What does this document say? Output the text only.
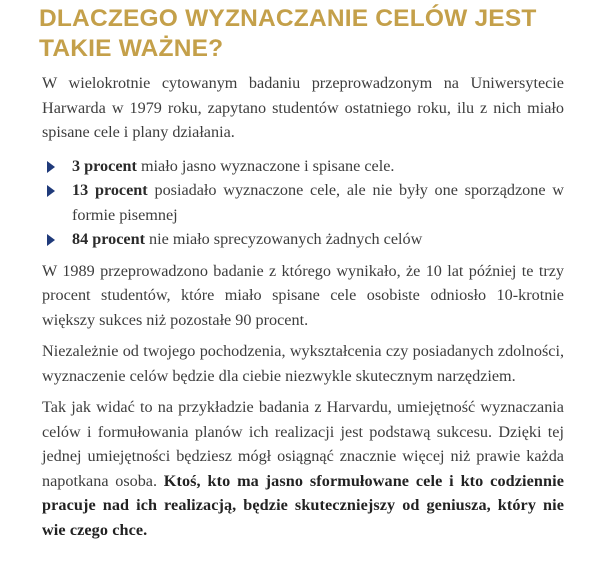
DLACZEGO WYZNACZANIE CELÓW JEST TAKIE WAŻNE?

W wielokrotnie cytowanym badaniu przeprowadzonym na Uniwersytecie Harwarda w 1979 roku, zapytano studentów ostatniego roku, ilu z nich miało spisane cele i plany działania.

3 procent miało jasno wyznaczone i spisane cele.
13 procent posiadało wyznaczone cele, ale nie były one sporządzone w formie pisemnej
84 procent nie miało sprecyzowanych żadnych celów

W 1989 przeprowadzono badanie z którego wynikało, że 10 lat później te trzy procent studentów, które miało spisane cele osobiste odniosło 10-krotnie większy sukces niż pozostałe 90 procent.

Niezależnie od twojego pochodzenia, wykształcenia czy posiadanych zdolności, wyznaczenie celów będzie dla ciebie niezwykle skutecznym narzędziem.

Tak jak widać to na przykładzie badania z Harvardu, umiejętność wyznaczania celów i formułowania planów ich realizacji jest podstawą sukcesu. Dzięki tej jednej umiejętności będziesz mógł osiągnąć znacznie więcej niż prawie każda napotkana osoba. Ktoś, kto ma jasno sformułowane cele i kto codziennie pracuje nad ich realizacją, będzie skuteczniejszy od geniusza, który nie wie czego chce.
